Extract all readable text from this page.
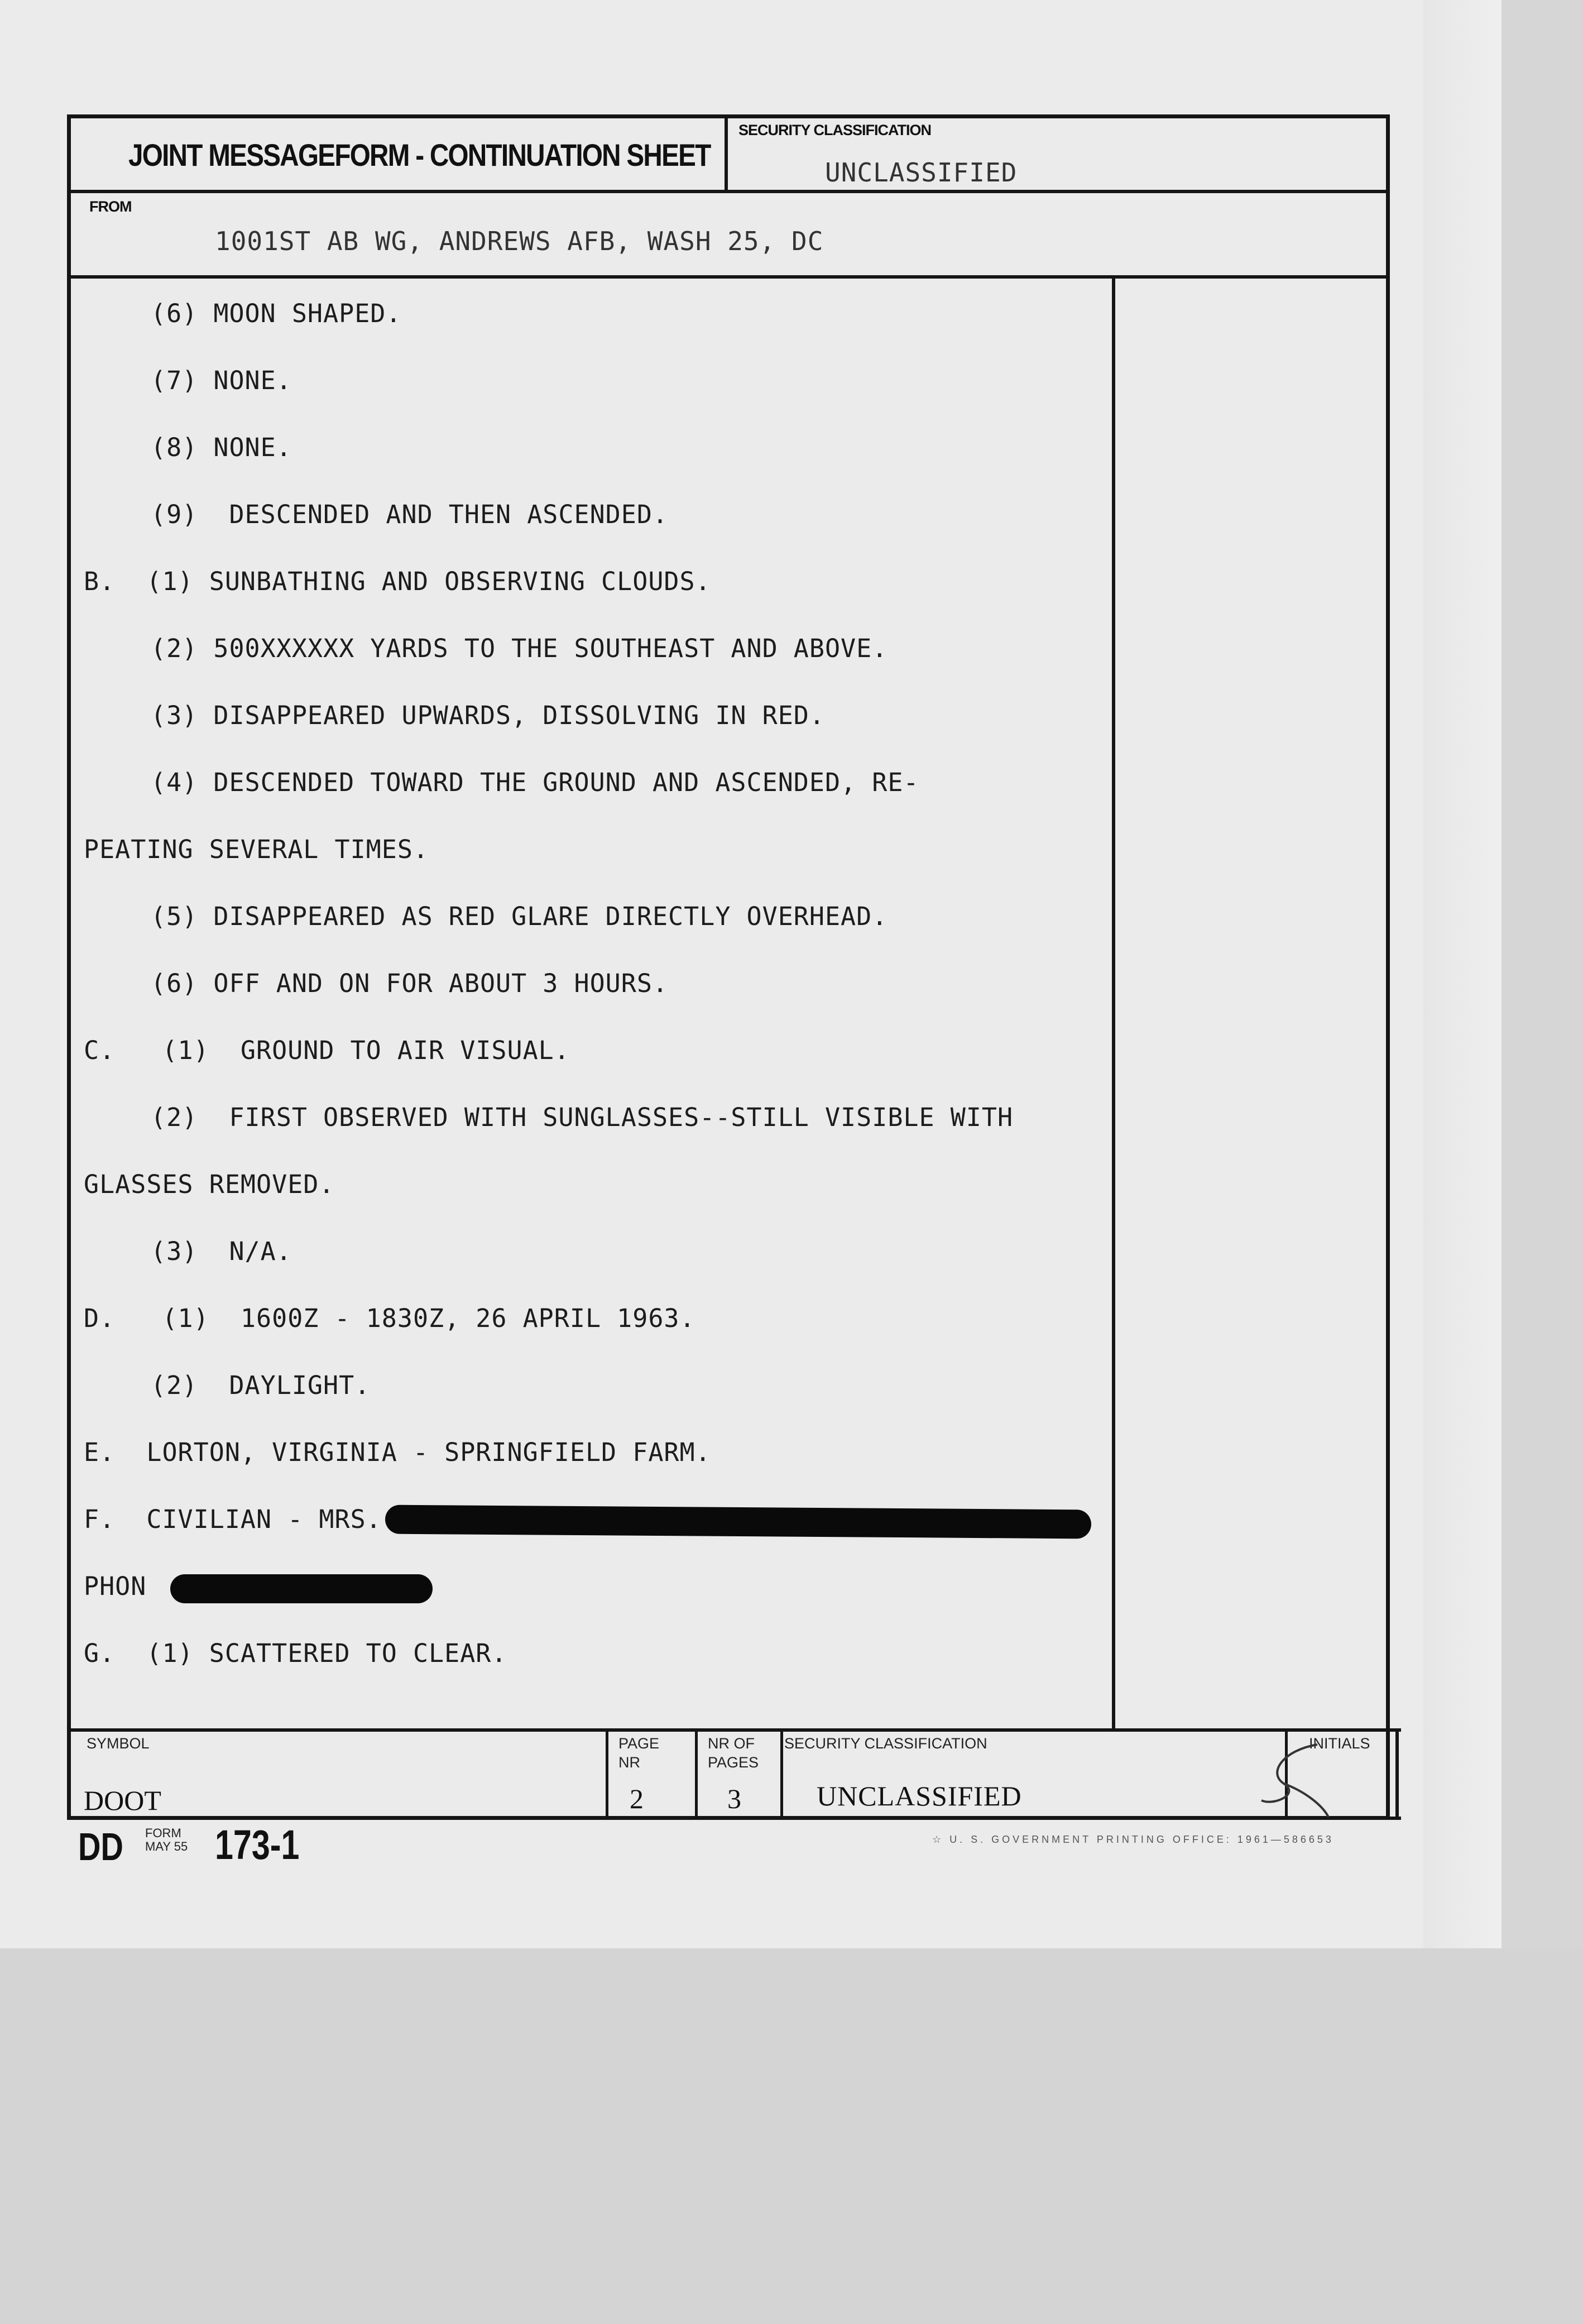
JOINT MESSAGEFORM - CONTINUATION SHEET
SECURITY CLASSIFICATION
UNCLASSIFIED
FROM
1001ST AB WG, ANDREWS AFB, WASH 25, DC
(6) MOON SHAPED.
(7) NONE.
(8) NONE.
(9)  DESCENDED AND THEN ASCENDED.
B.  (1) SUNBATHING AND OBSERVING CLOUDS.
(2) 500XXXXXX YARDS TO THE SOUTHEAST AND ABOVE.
(3) DISAPPEARED UPWARDS, DISSOLVING IN RED.
(4) DESCENDED TOWARD THE GROUND AND ASCENDED, RE-
PEATING SEVERAL TIMES.
(5) DISAPPEARED AS RED GLARE DIRECTLY OVERHEAD.
(6) OFF AND ON FOR ABOUT 3 HOURS.
C.   (1)  GROUND TO AIR VISUAL.
(2)  FIRST OBSERVED WITH SUNGLASSES--STILL VISIBLE WITH
GLASSES REMOVED.
(3)  N/A.
D.   (1)  1600Z - 1830Z, 26 APRIL 1963.
(2)  DAYLIGHT.
E.  LORTON, VIRGINIA - SPRINGFIELD FARM.
F.  CIVILIAN - MRS.
PHON
G.  (1) SCATTERED TO CLEAR.
SYMBOL
DOOT
PAGE
NR
2
NR OF
PAGES
3
SECURITY CLASSIFICATION
UNCLASSIFIED
INITIALS
DD FORM
MAY 55 173-1	☆ U. S. GOVERNMENT PRINTING OFFICE: 1961—586653
